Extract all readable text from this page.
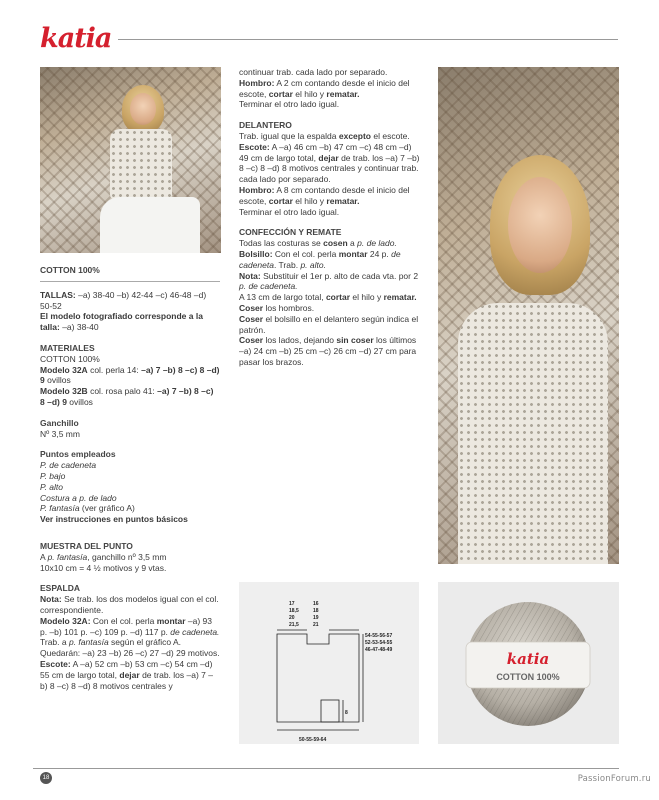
katia

COTTON 100%

TALLAS: –a) 38-40 –b) 42-44 –c) 46-48 –d) 50-52

El modelo fotografiado corresponde a la talla: –a) 38-40

MATERIALES

COTTON 100%

Modelo 32A col. perla 14: –a) 7 –b) 8 –c) 8 –d) 9 ovillos

Modelo 32B col. rosa palo 41: –a) 7 –b) 8 –c) 8 –d) 9 ovillos

Ganchillo

Nº 3,5 mm

Puntos empleados

P. de cadeneta

P. bajo

P. alto

Costura a p. de lado

P. fantasía (ver gráfico A)

Ver instrucciones en puntos básicos

MUESTRA DEL PUNTO

A p. fantasía, ganchillo nº 3,5 mm

10x10 cm = 4 ½ motivos y 9 vtas.

ESPALDA

Nota: Se trab. los dos modelos igual con el col. correspondiente.

Modelo 32A: Con el col. perla montar –a) 93 p. –b) 101 p. –c) 109 p. –d) 117 p. de cadeneta.

Trab. a p. fantasía según el gráfico A.

Quedarán: –a) 23 –b) 26 –c) 27 –d) 29 motivos.

Escote: A –a) 52 cm –b) 53 cm –c) 54 cm –d) 55 cm de largo total, dejar de trab. los –a) 7 –b) 8 –c) 8 –d) 8 motivos centrales y

continuar trab. cada lado por separado.

Hombro: A 2 cm contando desde el inicio del escote, cortar el hilo y rematar.

Terminar el otro lado igual.

DELANTERO

Trab. igual que la espalda excepto el escote.

Escote: A –a) 46 cm –b) 47 cm –c) 48 cm –d) 49 cm de largo total, dejar de trab. los –a) 7 –b) 8 –c) 8 –d) 8 motivos centrales y continuar trab. cada lado por separado.

Hombro: A 8 cm contando desde el inicio del escote, cortar el hilo y rematar.

Terminar el otro lado igual.

CONFECCIÓN Y REMATE

Todas las costuras se cosen a p. de lado.

Bolsillo: Con el col. perla montar 24 p. de cadeneta. Trab. p. alto.

Nota: Substituir el 1er p. alto de cada vta. por 2 p. de cadeneta.

A 13 cm de largo total, cortar el hilo y rematar.

Coser los hombros.

Coser el bolsillo en el delantero según indica el patrón.

Coser los lados, dejando sin coser los últimos –a) 24 cm –b) 25 cm –c) 26 cm –d) 27 cm para pasar los brazos.

17
18,5
20
21,5
16
18
19
21
54-55-56-57
52-53-54-55
46-47-48-49
8
50-55-59-64
katia
COTTON 100%
18	PassionForum.ru
